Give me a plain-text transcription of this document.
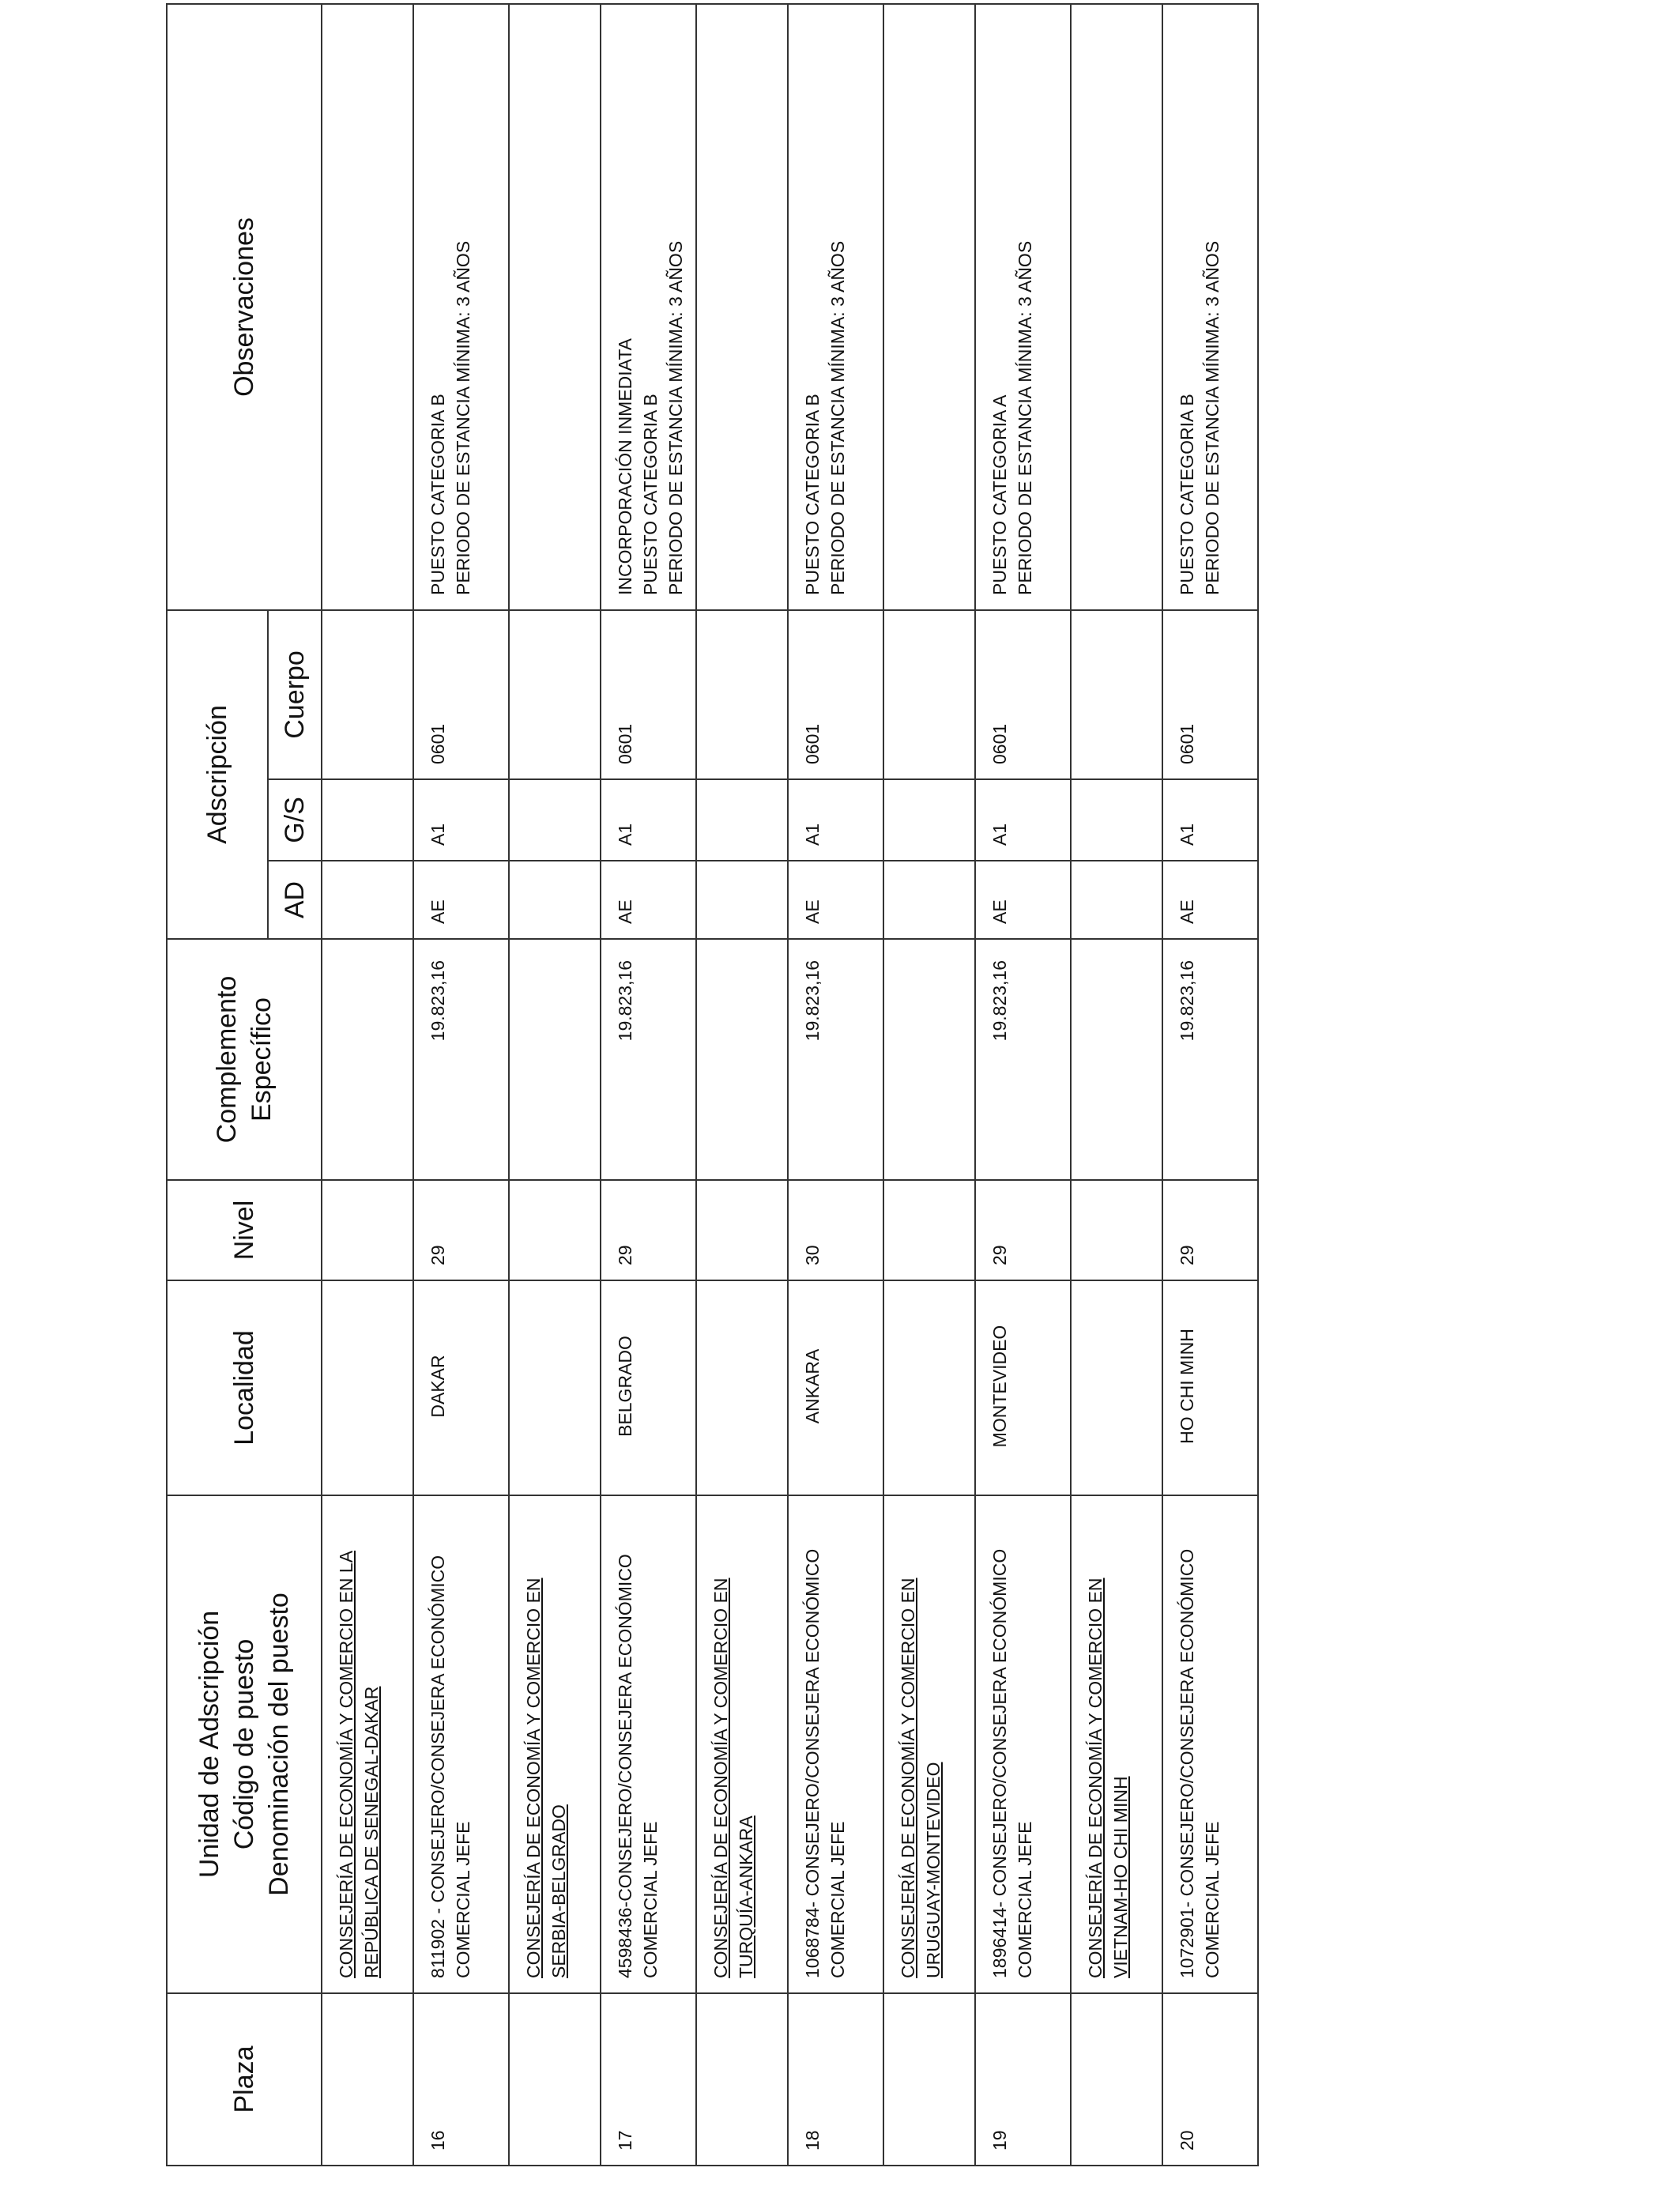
Plaza	Unidad de Adscripción Código de puesto Denominación del puesto	Localidad	Nivel	Complemento Específico	Adscripción			Observaciones
					AD	G/S	Cuerpo	

	CONSEJERÍA DE ECONOMÍA Y COMERCIO EN LA REPÚBLICA DE SENEGAL-DAKAR							

16	811902 - CONSEJERO/CONSEJERA ECONÓMICO COMERCIAL JEFE	DAKAR	29	19.823,16	AE	A1	0601	PUESTO CATEGORIA B PERIODO DE ESTANCIA MÍNIMA: 3 AÑOS

	CONSEJERÍA DE ECONOMÍA Y COMERCIO EN SERBIA-BELGRADO							

17	4598436-CONSEJERO/CONSEJERA ECONÓMICO COMERCIAL JEFE	BELGRADO	29	19.823,16	AE	A1	0601	INCORPORACIÓN INMEDIATA PUESTO CATEGORIA B PERIODO DE ESTANCIA MÍNIMA: 3 AÑOS

	CONSEJERÍA DE ECONOMÍA Y COMERCIO EN TURQUÍA-ANKARA							

18	1068784- CONSEJERO/CONSEJERA ECONÓMICO COMERCIAL JEFE	ANKARA	30	19.823,16	AE	A1	0601	PUESTO CATEGORIA B PERIODO DE ESTANCIA MÍNIMA: 3 AÑOS

	CONSEJERÍA DE ECONOMÍA Y COMERCIO EN URUGUAY-MONTEVIDEO							

19	1896414- CONSEJERO/CONSEJERA ECONÓMICO COMERCIAL JEFE	MONTEVIDEO	29	19.823,16	AE	A1	0601	PUESTO CATEGORIA A PERIODO DE ESTANCIA MÍNIMA: 3 AÑOS

	CONSEJERÍA DE ECONOMÍA Y COMERCIO EN VIETNAM-HO CHI MINH							

20	1072901- CONSEJERO/CONSEJERA ECONÓMICO COMERCIAL JEFE	HO CHI MINH	29	19.823,16	AE	A1	0601	PUESTO CATEGORIA B PERIODO DE ESTANCIA MÍNIMA: 3 AÑOS
